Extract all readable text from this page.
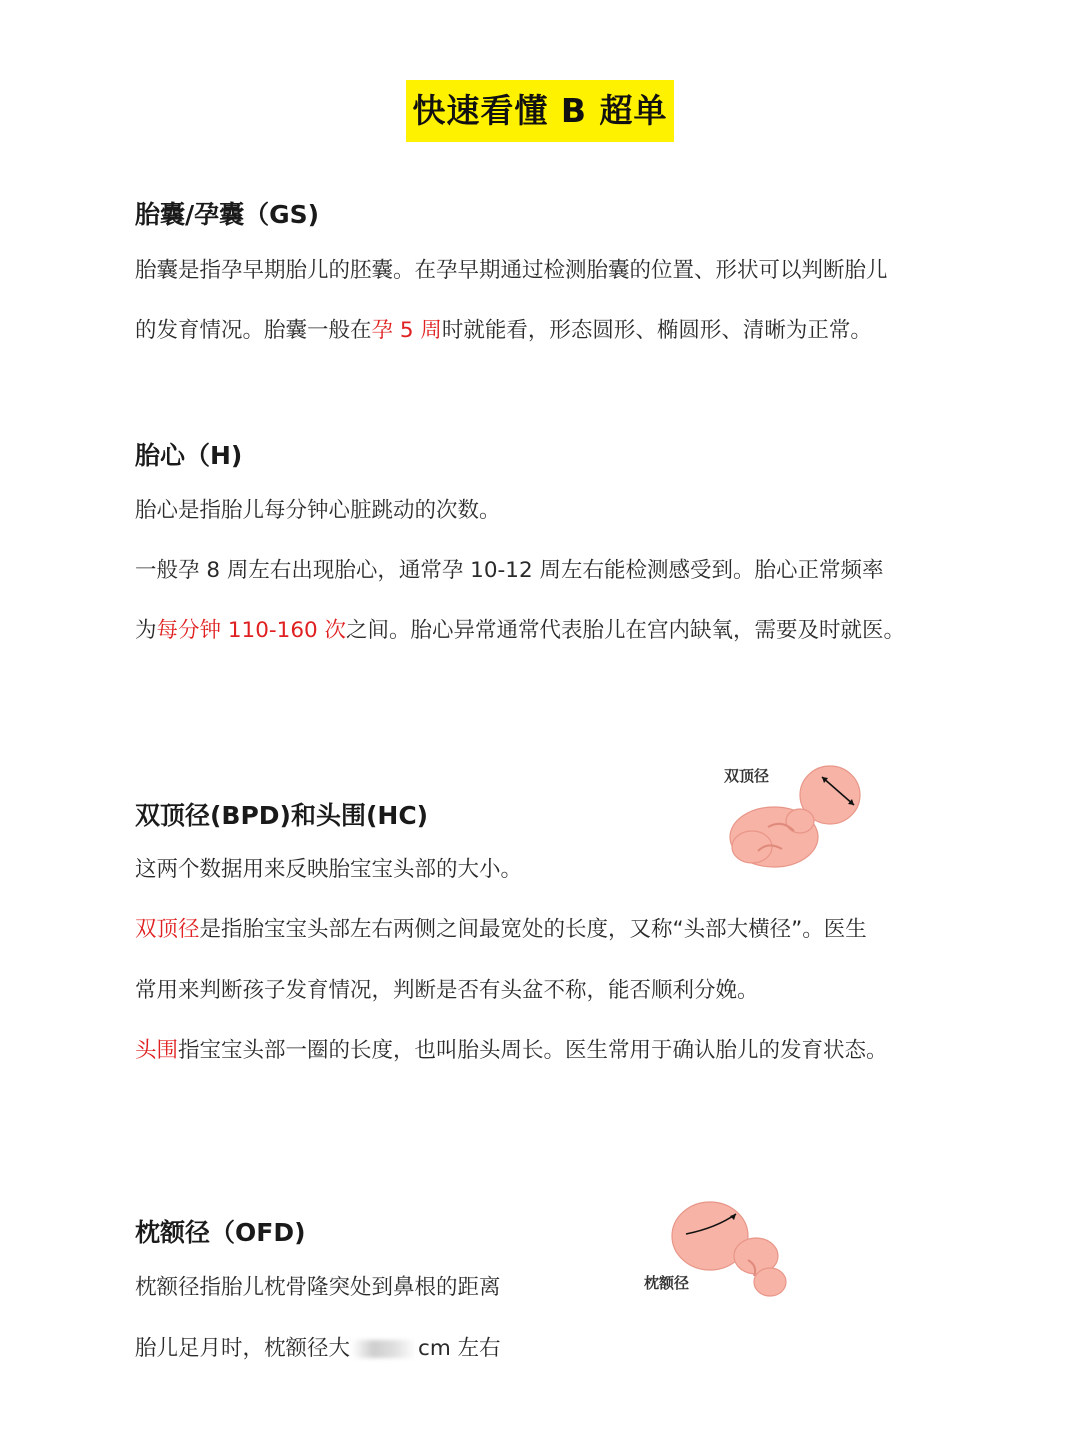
快速看懂 B 超单
胎囊/孕囊（GS)

胎囊是指孕早期胎儿的胚囊。在孕早期通过检测胎囊的位置、形状可以判断胎儿

的发育情况。胎囊一般在孕 5 周时就能看，形态圆形、椭圆形、清晰为正常。

胎心（H)

胎心是指胎儿每分钟心脏跳动的次数。

一般孕 8 周左右出现胎心，通常孕 10-12 周左右能检测感受到。胎心正常频率

为每分钟 110-160 次之间。胎心异常通常代表胎儿在宫内缺氧，需要及时就医。

双顶径
双顶径(BPD)和头围(HC)

这两个数据用来反映胎宝宝头部的大小。

双顶径是指胎宝宝头部左右两侧之间最宽处的长度，又称“头部大横径”。医生

常用来判断孩子发育情况，判断是否有头盆不称，能否顺利分娩。

头围指宝宝头部一圈的长度，也叫胎头周长。医生常用于确认胎儿的发育状态。

枕额径
枕额径（OFD)

枕额径指胎儿枕骨隆突处到鼻根的距离

胎儿足月时，枕额径大	cm 左右
